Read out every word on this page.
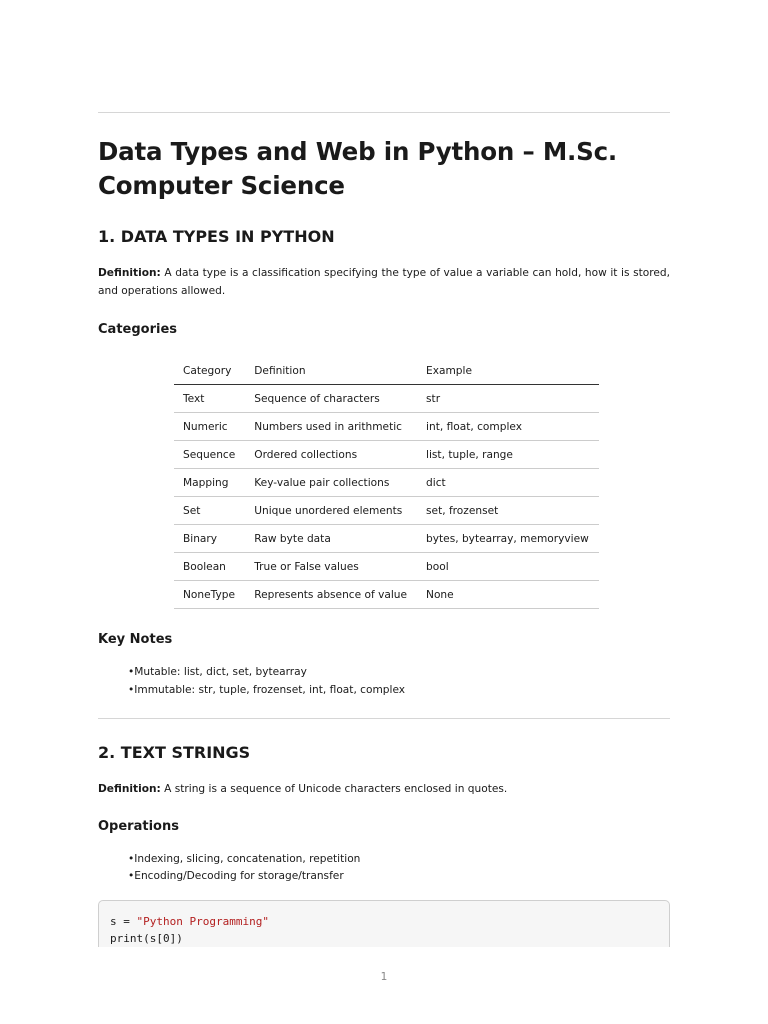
Data Types and Web in Python – M.Sc. Computer Science
1. DATA TYPES IN PYTHON

Definition: A data type is a classification specifying the type of value a variable can hold, how it is stored, and operations allowed.

Categories
Category	Definition	Example
Text	Sequence of characters	str
Numeric	Numbers used in arithmetic	int, float, complex
Sequence	Ordered collections	list, tuple, range
Mapping	Key-value pair collections	dict
Set	Unique unordered elements	set, frozenset
Binary	Raw byte data	bytes, bytearray, memoryview
Boolean	True or False values	bool
NoneType	Represents absence of value	None
Key Notes
• Mutable: list, dict, set, bytearray
• Immutable: str, tuple, frozenset, int, float, complex
2. TEXT STRINGS

Definition: A string is a sequence of Unicode characters enclosed in quotes.

Operations
• Indexing, slicing, concatenation, repetition
• Encoding/Decoding for storage/transfer
s = "Python Programming"
print(s[0])
1
